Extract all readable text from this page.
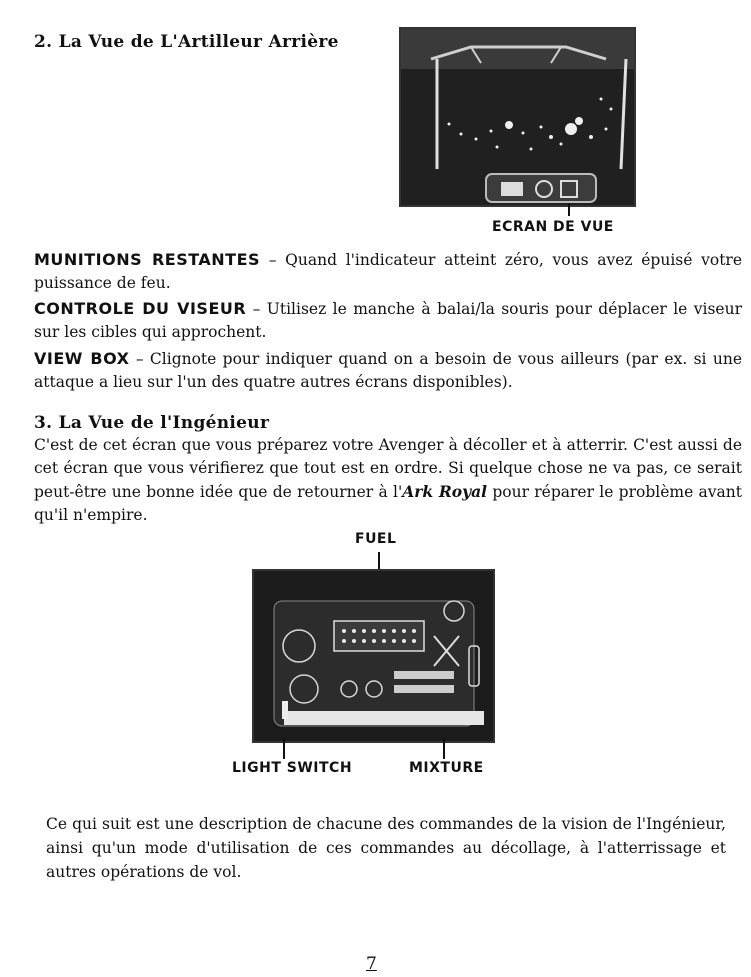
2. La Vue de L'Artilleur Arrière
ECRAN DE VUE
MUNITIONS RESTANTES – Quand l'indicateur atteint zéro, vous avez épuisé votre puissance de feu.
CONTROLE DU VISEUR – Utilisez le manche à balai/la souris pour déplacer le viseur sur les cibles qui approchent.
VIEW BOX – Clignote pour indiquer quand on a besoin de vous ailleurs (par ex. si une attaque a lieu sur l'un des quatre autres écrans disponibles).
3. La Vue de l'Ingénieur
C'est de cet écran que vous préparez votre Avenger à décoller et à atterrir. C'est aussi de cet écran que vous vérifierez que tout est en ordre. Si quelque chose ne va pas, ce serait peut-être une bonne idée que de retourner à l'Ark Royal pour réparer le problème avant qu'il n'empire.
FUEL
LIGHT SWITCH	MIXTURE
Ce qui suit est une description de chacune des commandes de la vision de l'Ingénieur, ainsi qu'un mode d'utilisation de ces commandes au décollage, à l'atterrissage et autres opérations de vol.
7
